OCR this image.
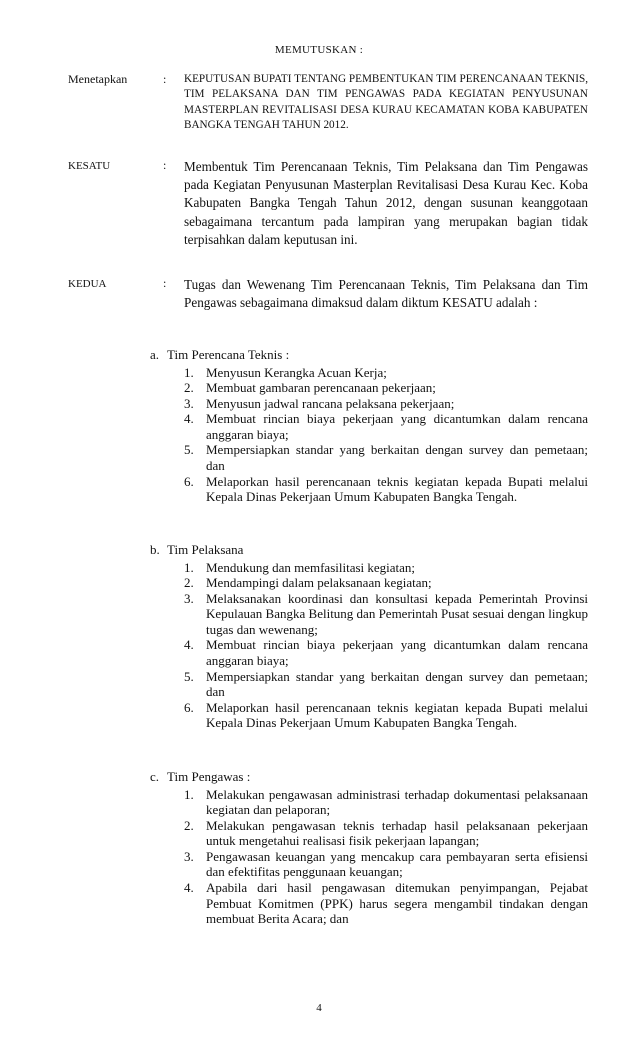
MEMUTUSKAN :
Menetapkan	: KEPUTUSAN BUPATI TENTANG PEMBENTUKAN TIM PERENCANAAN TEKNIS, TIM PELAKSANA DAN TIM PENGAWAS PADA KEGIATAN PENYUSUNAN MASTERPLAN REVITALISASI DESA KURAU KECAMATAN KOBA KABUPATEN BANGKA TENGAH TAHUN 2012.
KESATU	: Membentuk Tim Perencanaan Teknis, Tim Pelaksana dan Tim Pengawas pada Kegiatan Penyusunan Masterplan Revitalisasi Desa Kurau Kec. Koba Kabupaten Bangka Tengah Tahun 2012, dengan susunan keanggotaan sebagaimana tercantum pada lampiran yang merupakan bagian tidak terpisahkan dalam keputusan ini.
KEDUA	: Tugas dan Wewenang Tim Perencanaan Teknis, Tim Pelaksana dan Tim Pengawas sebagaimana dimaksud dalam diktum KESATU adalah :
a. Tim Perencana Teknis :
1. Menyusun Kerangka Acuan Kerja;
2. Membuat gambaran perencanaan pekerjaan;
3. Menyusun jadwal rancana pelaksana pekerjaan;
4. Membuat rincian biaya pekerjaan yang dicantumkan dalam rencana anggaran biaya;
5. Mempersiapkan standar yang berkaitan dengan survey dan pemetaan; dan
6. Melaporkan hasil perencanaan teknis kegiatan kepada Bupati melalui Kepala Dinas Pekerjaan Umum Kabupaten Bangka Tengah.
b. Tim Pelaksana
1. Mendukung dan memfasilitasi kegiatan;
2. Mendampingi dalam pelaksanaan kegiatan;
3. Melaksanakan koordinasi dan konsultasi kepada Pemerintah Provinsi Kepulauan Bangka Belitung dan Pemerintah Pusat sesuai dengan lingkup tugas dan wewenang;
4. Membuat rincian biaya pekerjaan yang dicantumkan dalam rencana anggaran biaya;
5. Mempersiapkan standar yang berkaitan dengan survey dan pemetaan; dan
6. Melaporkan hasil perencanaan teknis kegiatan kepada Bupati melalui Kepala Dinas Pekerjaan Umum Kabupaten Bangka Tengah.
c. Tim Pengawas :
1. Melakukan pengawasan administrasi terhadap dokumentasi pelaksanaan kegiatan dan pelaporan;
2. Melakukan pengawasan teknis terhadap hasil pelaksanaan pekerjaan untuk mengetahui realisasi fisik pekerjaan lapangan;
3. Pengawasan keuangan yang mencakup cara pembayaran serta efisiensi dan efektifitas penggunaan keuangan;
4. Apabila dari hasil pengawasan ditemukan penyimpangan, Pejabat Pembuat Komitmen (PPK) harus segera mengambil tindakan dengan membuat Berita Acara; dan
4
